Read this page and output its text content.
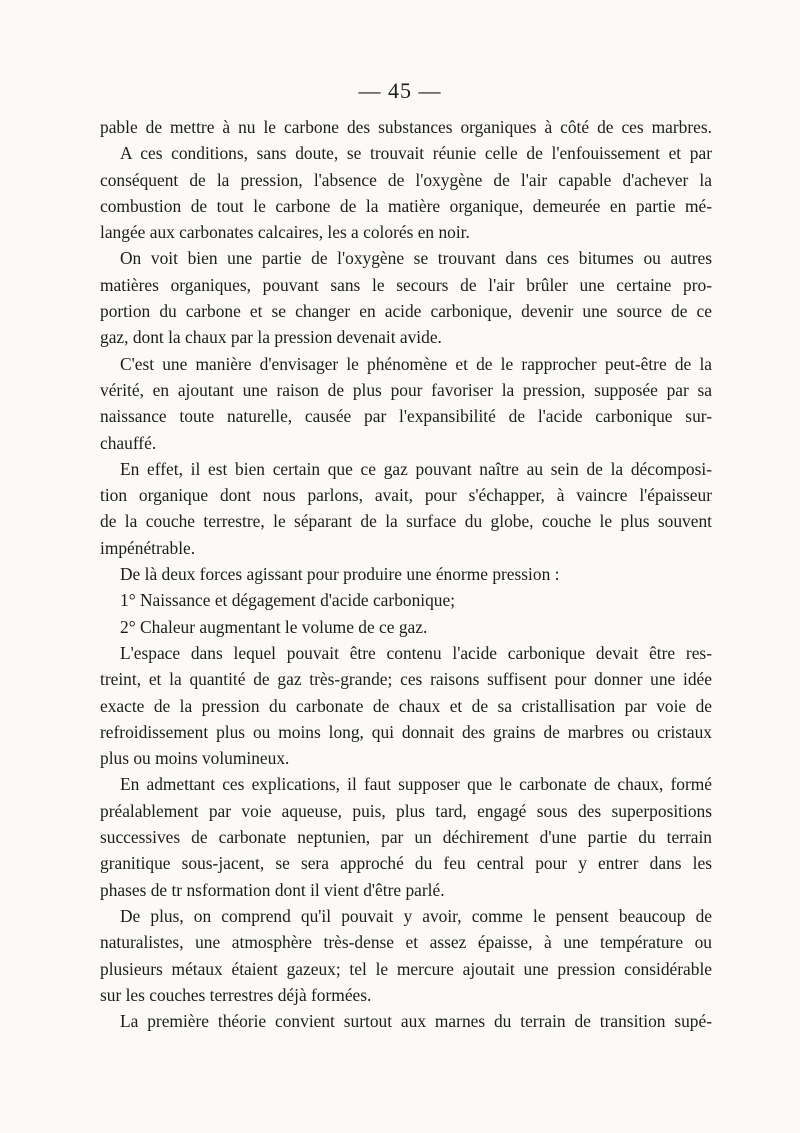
— 45 —
pable de mettre à nu le carbone des substances organiques à côté de ces marbres.
A ces conditions, sans doute, se trouvait réunie celle de l'enfouissement et par
conséquent de la pression, l'absence de l'oxygène de l'air capable d'achever la
combustion de tout le carbone de la matière organique, demeurée en partie mé-
langée aux carbonates calcaires, les a colorés en noir.
On voit bien une partie de l'oxygène se trouvant dans ces bitumes ou autres
matières organiques, pouvant sans le secours de l'air brûler une certaine pro-
portion du carbone et se changer en acide carbonique, devenir une source de ce
gaz, dont la chaux par la pression devenait avide.
C'est une manière d'envisager le phénomène et de le rapprocher peut-être de la
vérité, en ajoutant une raison de plus pour favoriser la pression, supposée par sa
naissance toute naturelle, causée par l'expansibilité de l'acide carbonique sur-
chauffé.
En effet, il est bien certain que ce gaz pouvant naître au sein de la décomposi-
tion organique dont nous parlons, avait, pour s'échapper, à vaincre l'épaisseur
de la couche terrestre, le séparant de la surface du globe, couche le plus souvent
impénétrable.
De là deux forces agissant pour produire une énorme pression :
1° Naissance et dégagement d'acide carbonique;
2° Chaleur augmentant le volume de ce gaz.
L'espace dans lequel pouvait être contenu l'acide carbonique devait être res-
treint, et la quantité de gaz très-grande; ces raisons suffisent pour donner une idée
exacte de la pression du carbonate de chaux et de sa cristallisation par voie de
refroidissement plus ou moins long, qui donnait des grains de marbres ou cristaux
plus ou moins volumineux.
En admettant ces explications, il faut supposer que le carbonate de chaux, formé
préalablement par voie aqueuse, puis, plus tard, engagé sous des superpositions
successives de carbonate neptunien, par un déchirement d'une partie du terrain
granitique sous-jacent, se sera approché du feu central pour y entrer dans les
phases de tr nsformation dont il vient d'être parlé.
De plus, on comprend qu'il pouvait y avoir, comme le pensent beaucoup de
naturalistes, une atmosphère très-dense et assez épaisse, à une température ou
plusieurs métaux étaient gazeux; tel le mercure ajoutait une pression considérable
sur les couches terrestres déjà formées.
La première théorie convient surtout aux marnes du terrain de transition supé-
